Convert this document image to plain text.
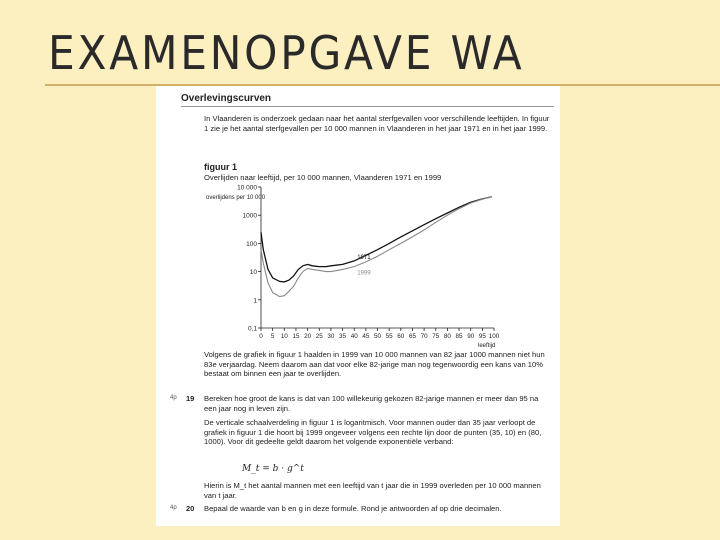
EXAMENOPGAVE WA
Overlevingscurven
In Vlaanderen is onderzoek gedaan naar het aantal sterfgevallen voor verschillende leeftijden. In figuur 1 zie je het aantal sterfgevallen per 10 000 mannen in Vlaanderen in het jaar 1971 en in het jaar 1999.
figuur 1
Overlijden naar leeftijd, per 10 000 mannen, Vlaanderen 1971 en 1999
0,1
1
10
100
1000
10 000
0 5 10 15 20 25 30 35 40 45 50 55 60 65 70 75 80 85 90 95 100
overlijdens per 10 000
leeftijd
1971
1999
Volgens de grafiek in figuur 1 haalden in 1999 van 10 000 mannen van 82 jaar 1000 mannen niet hun 83e verjaardag. Neem daarom aan dat voor elke 82-jarige man nog tegenwoordig een kans van 10% bestaat om binnen een jaar te overlijden.
4p 19 Bereken hoe groot de kans is dat van 100 willekeurig gekozen 82-jarige mannen er meer dan 95 na een jaar nog in leven zijn.
De verticale schaalverdeling in figuur 1 is logaritmisch. Voor mannen ouder dan 35 jaar verloopt de grafiek in figuur 1 die hoort bij 1999 ongeveer volgens een rechte lijn door de punten (35, 10) en (80, 1000). Voor dit gedeelte geldt daarom het volgende exponentiële verband:
M_t = b · g^t
Hierin is M_t het aantal mannen met een leeftijd van t jaar die in 1999 overleden per 10 000 mannen van t jaar.
4p 20 Bepaal de waarde van b en g in deze formule. Rond je antwoorden af op drie decimalen.
